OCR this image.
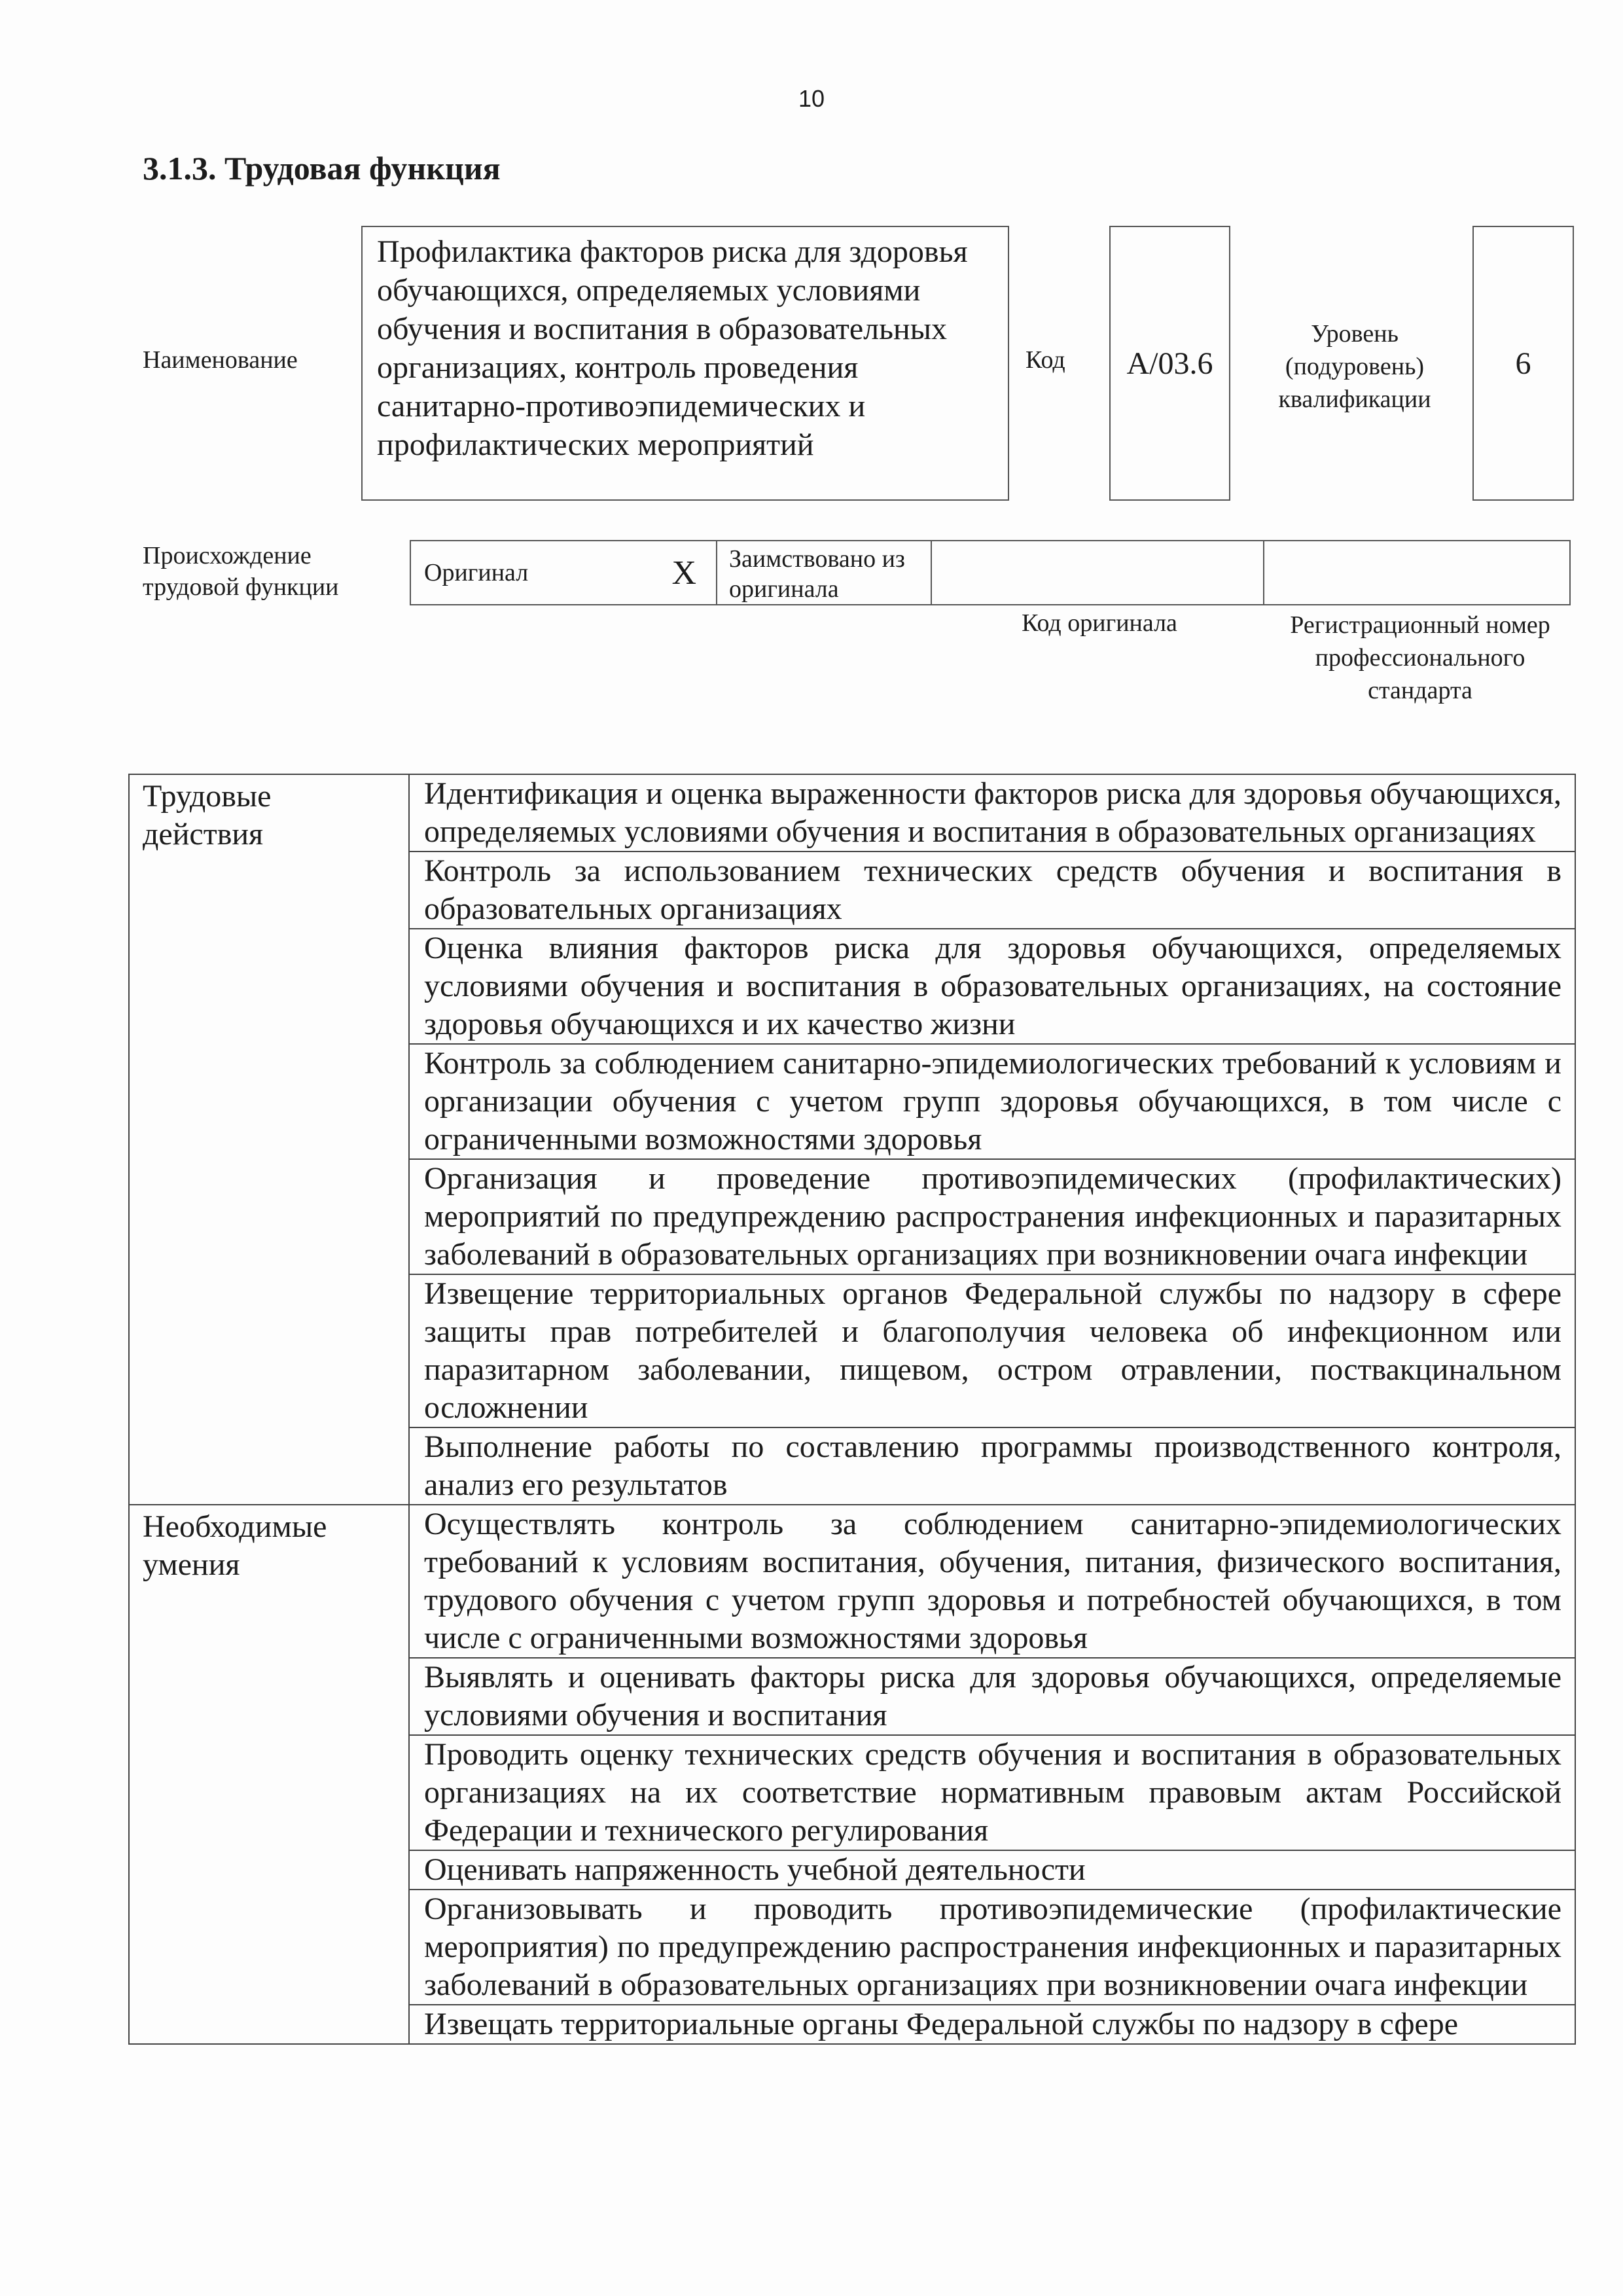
10
3.1.3. Трудовая функция
Наименование
Профилактика факторов риска для здоровья обучающихся, определяемых условиями обучения и воспитания в образовательных организациях, контроль проведения санитарно-противоэпидемических и профилактических мероприятий
Код	A/03.6
Уровень (подуровень) квалификации
6
Происхождение трудовой функции
Оригинал	X	Заимствовано из оригинала
Код оригинала	Регистрационный номер профессионального стандарта
Трудовые действия	Идентификация и оценка выраженности факторов риска для здоровья обучающихся, определяемых условиями обучения и воспитания в образовательных организациях
	Контроль за использованием технических средств обучения и воспитания в образовательных организациях
	Оценка влияния факторов риска для здоровья обучающихся, определяемых условиями обучения и воспитания в образовательных организациях, на состояние здоровья обучающихся и их качество жизни
	Контроль за соблюдением санитарно-эпидемиологических требований к условиям и организации обучения с учетом групп здоровья обучающихся, в том числе с ограниченными возможностями здоровья
	Организация и проведение противоэпидемических (профилактических) мероприятий по предупреждению распространения инфекционных и паразитарных заболеваний в образовательных организациях при возникновении очага инфекции
	Извещение территориальных органов Федеральной службы по надзору в сфере защиты прав потребителей и благополучия человека об инфекционном или паразитарном заболевании, пищевом, остром отравлении, поствакцинальном осложнении
	Выполнение работы по составлению программы производственного контроля, анализ его результатов
Необходимые умения	Осуществлять контроль за соблюдением санитарно-эпидемиологических требований к условиям воспитания, обучения, питания, физического воспитания, трудового обучения с учетом групп здоровья и потребностей обучающихся, в том числе с ограниченными возможностями здоровья
	Выявлять и оценивать факторы риска для здоровья обучающихся, определяемые условиями обучения и воспитания
	Проводить оценку технических средств обучения и воспитания в образовательных организациях на их соответствие нормативным правовым актам Российской Федерации и технического регулирования
	Оценивать напряженность учебной деятельности
	Организовывать и проводить противоэпидемические (профилактические мероприятия) по предупреждению распространения инфекционных и паразитарных заболеваний в образовательных организациях при возникновении очага инфекции
	Извещать территориальные органы Федеральной службы по надзору в сфере
